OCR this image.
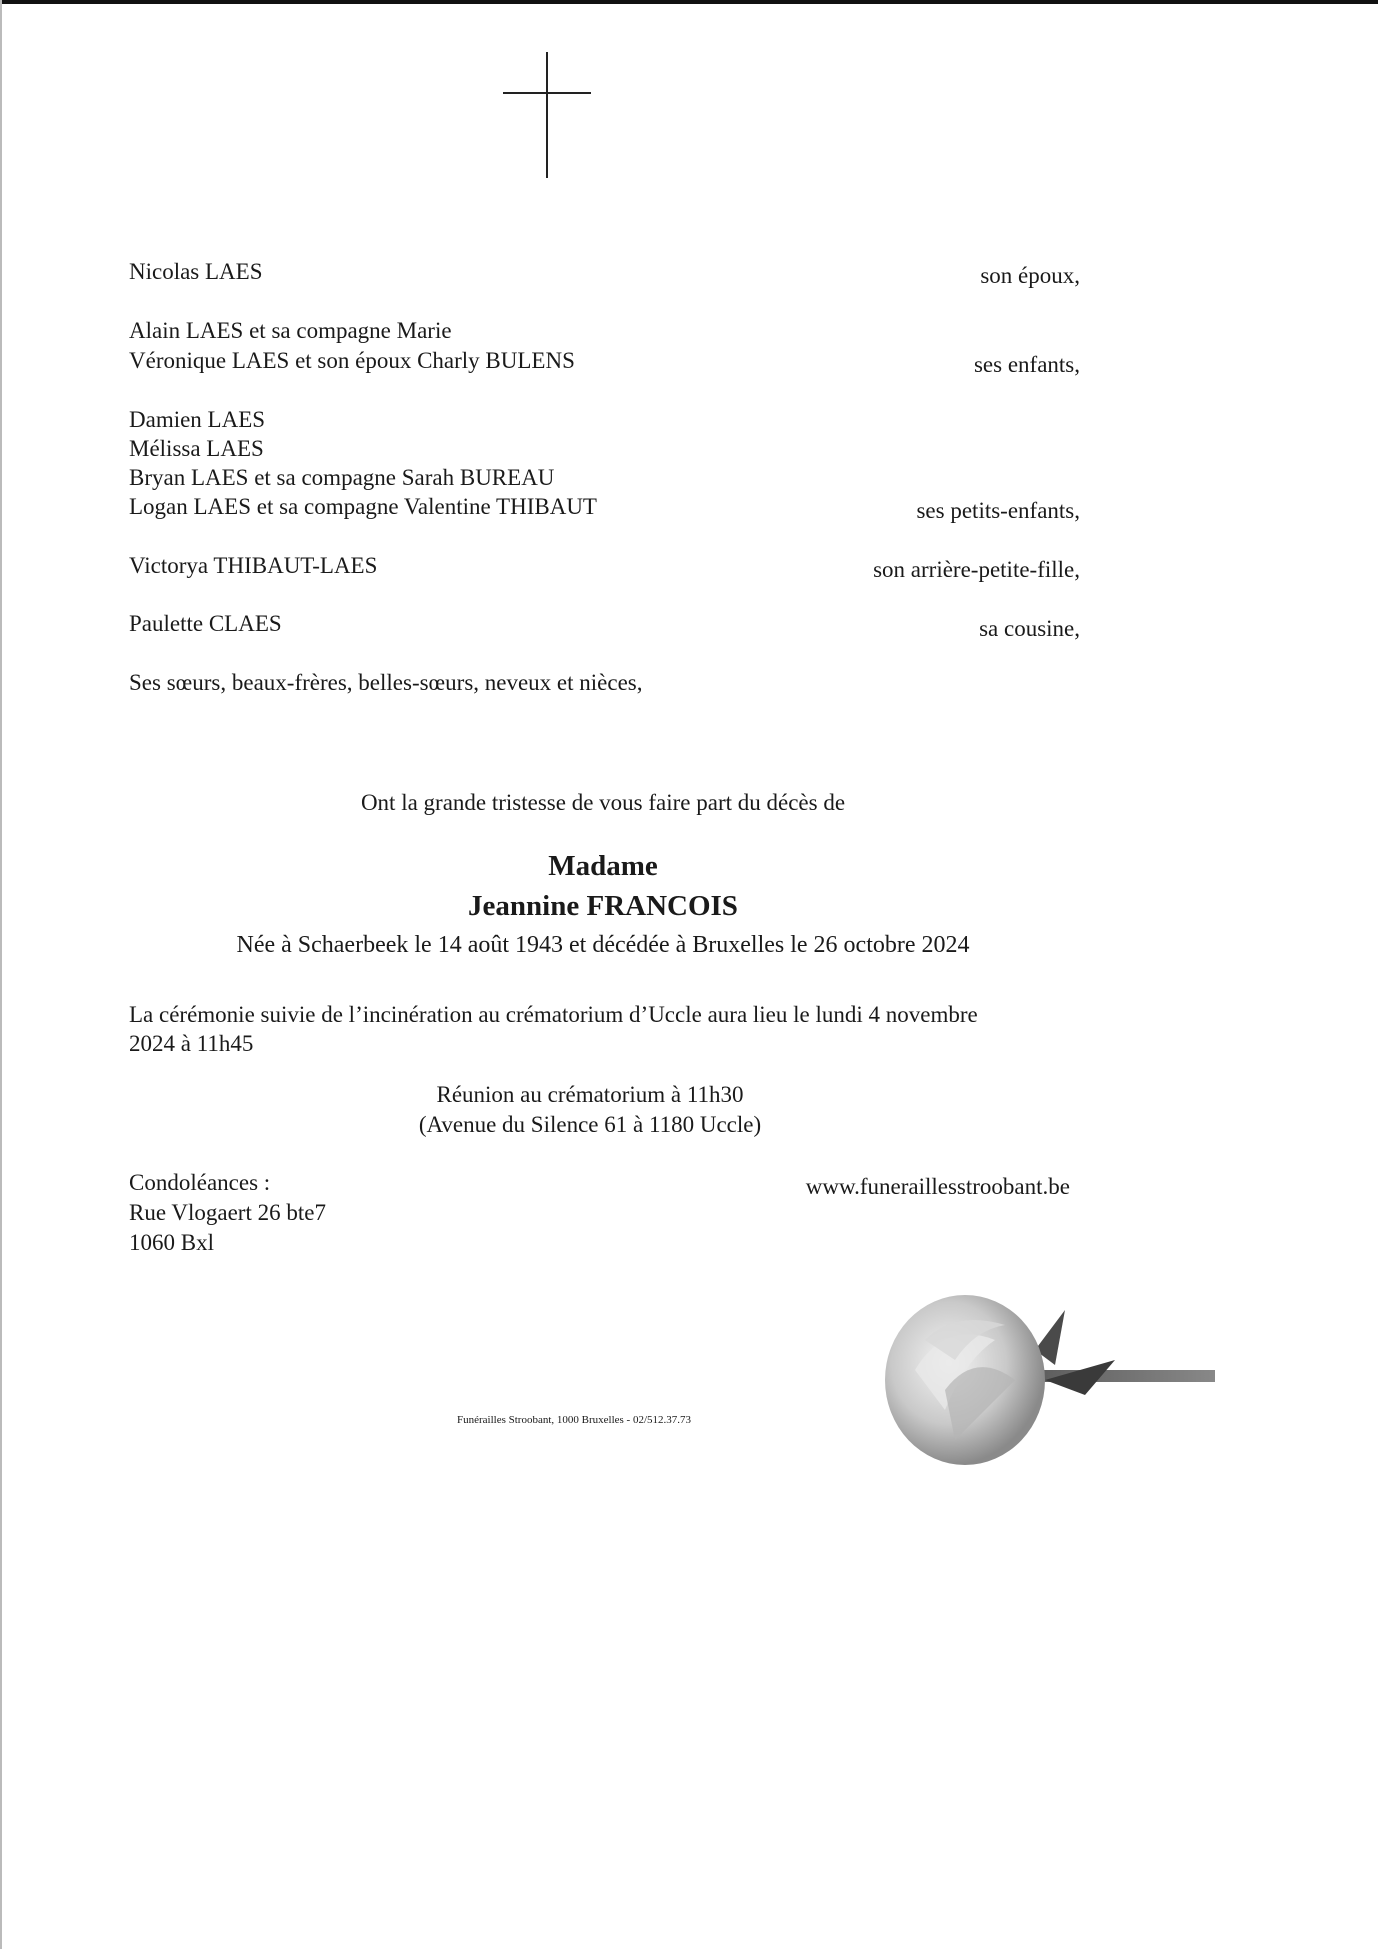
Nicolas LAES	son époux,
Alain LAES et sa compagne Marie
Véronique LAES et son époux Charly BULENS	ses enfants,
Damien LAES
Mélissa LAES
Bryan LAES et sa compagne Sarah BUREAU
Logan LAES et sa compagne Valentine THIBAUT	ses petits-enfants,
Victorya THIBAUT-LAES	son arrière-petite-fille,
Paulette CLAES	sa cousine,
Ses sœurs, beaux-frères, belles-sœurs, neveux et nièces,
Ont la grande tristesse de vous faire part du décès de
Madame
Jeannine FRANCOIS
Née à Schaerbeek le 14 août 1943 et décédée à Bruxelles le 26 octobre 2024
La cérémonie suivie de l’incinération au crématorium d’Uccle aura lieu le lundi 4 novembre
2024 à 11h45
Réunion au crématorium à 11h30
(Avenue du Silence 61 à 1180 Uccle)
Condoléances :
Rue Vlogaert 26 bte7
1060 Bxl
www.funeraillesstroobant.be
Funérailles Stroobant, 1000 Bruxelles - 02/512.37.73
